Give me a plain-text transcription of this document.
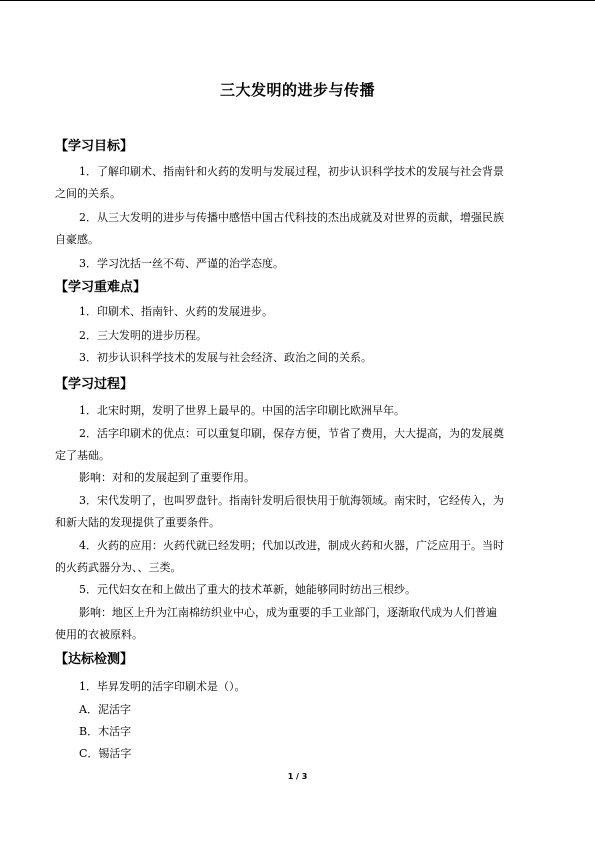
三大发明的进步与传播
【学习目标】
1．了解印刷术、指南针和火药的发明与发展过程，初步认识科学技术的发展与社会背景
之间的关系。
2．从三大发明的进步与传播中感悟中国古代科技的杰出成就及对世界的贡献，增强民族
自豪感。
3．学习沈括一丝不苟、严谨的治学态度。
【学习重难点】
1．印刷术、指南针、火药的发展进步。
2．三大发明的进步历程。
3．初步认识科学技术的发展与社会经济、政治之间的关系。
【学习过程】
1．北宋时期，发明了世界上最早的。中国的活字印刷比欧洲早年。
2．活字印刷术的优点：可以重复印刷，保存方便，节省了费用，大大提高，为的发展奠
定了基础。
影响：对和的发展起到了重要作用。
3．宋代发明了，也叫罗盘针。指南针发明后很快用于航海领域。南宋时，它经传入，为
和新大陆的发现提供了重要条件。
4．火药的应用：火药代就已经发明；代加以改进，制成火药和火器，广泛应用于。当时
的火药武器分为、、三类。
5．元代妇女在和上做出了重大的技术革新，她能够同时纺出三根纱。
影响：地区上升为江南棉纺织业中心，成为重要的手工业部门，逐渐取代成为人们普遍
使用的衣被原料。
【达标检测】
1．毕昇发明的活字印刷术是（）。
A．泥活字
B．木活字
C．锡活字
1 / 3
